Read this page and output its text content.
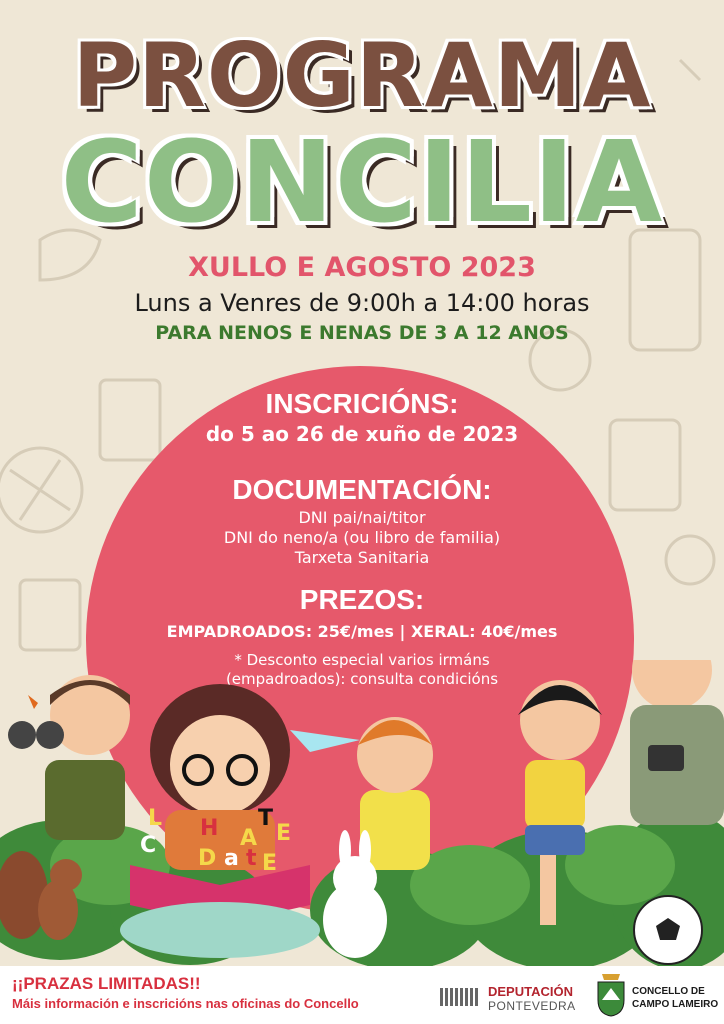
PROGRAMA
CONCILIA
XULLO E AGOSTO 2023
Luns a Venres de 9:00h a 14:00 horas
PARA NENOS E NENAS DE 3 A 12 ANOS
INSCRICIÓNS:
do 5 ao 26 de xuño de 2023
DOCUMENTACIÓN:
DNI pai/nai/titor
DNI do neno/a (ou libro de familia)
Tarxeta Sanitaria
PREZOS:
EMPADROADOS: 25€/mes | XERAL: 40€/mes
* Desconto especial varios irmáns
(empadroados): consulta condicións
L
C
H A
T
E
D a t E
¡¡PRAZAS LIMITADAS!!
Máis información e inscricións nas oficinas do Concello
DEPUTACIÓN
PONTEVEDRA
CONCELLO DE
CAMPO LAMEIRO
